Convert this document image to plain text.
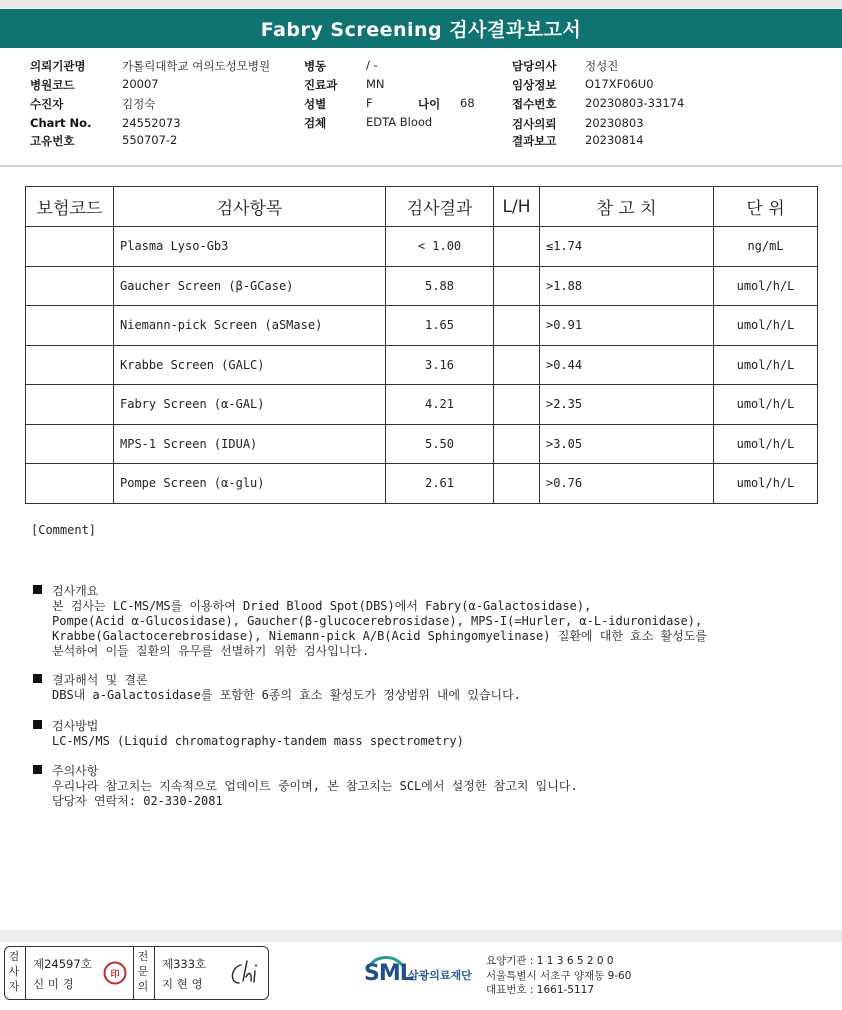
Fabry Screening 검사결과보고서
의뢰기관명	가톨릭대학교 여의도성모병원
병원코드	20007
수진자	김정숙
Chart No.	24552073
고유번호	550707-2
병동	/ -
진료과 MN
성별	F	나이 68
검체	EDTA Blood
담당의사 정성진
임상정보 O17XF06U0
접수번호 20230803-33174
검사의뢰 20230803
결과보고 20230814
보험코드	검사항목	검사결과	L/H	참 고 치	단 위
	Plasma Lyso-Gb3	< 1.00		≤1.74	ng/mL
	Gaucher Screen (β-GCase)	5.88		>1.88	umol/h/L
	Niemann-pick Screen (aSMase)	1.65		>0.91	umol/h/L
	Krabbe Screen (GALC)	3.16		>0.44	umol/h/L
	Fabry Screen (α-GAL)	4.21		>2.35	umol/h/L
	MPS-1 Screen (IDUA)	5.50		>3.05	umol/h/L
	Pompe Screen (α-glu)	2.61		>0.76	umol/h/L
[Comment]
검사개요
본 검사는 LC-MS/MS를 이용하여 Dried Blood Spot(DBS)에서 Fabry(α-Galactosidase),
Pompe(Acid α-Glucosidase), Gaucher(β-glucocerebrosidase), MPS-I(=Hurler, α-L-iduronidase),
Krabbe(Galactocerebrosidase), Niemann-pick A/B(Acid Sphingomyelinase) 질환에 대한 효소 활성도를
분석하여 이들 질환의 유무를 선별하기 위한 검사입니다.
결과해석 및 결론
DBS내 a-Galactosidase를 포함한 6종의 효소 활성도가 정상범위 내에 있습니다.
검사방법
LC-MS/MS (Liquid chromatography-tandem mass spectrometry)
주의사항
우리나라 참고치는 지속적으로 업데이트 중이며, 본 참고치는 SCL에서 설정한 참고치 입니다.
담당자 연락처: 02-330-2081
검사자
제24597호
신 미 경
印
전문의
제333호
지 현 영	SML
삼광의료재단
요양기관 : 1 1 3 6 5 2 0 0
서울특별시 서초구 양재동 9-60
대표번호 : 1661-5117
